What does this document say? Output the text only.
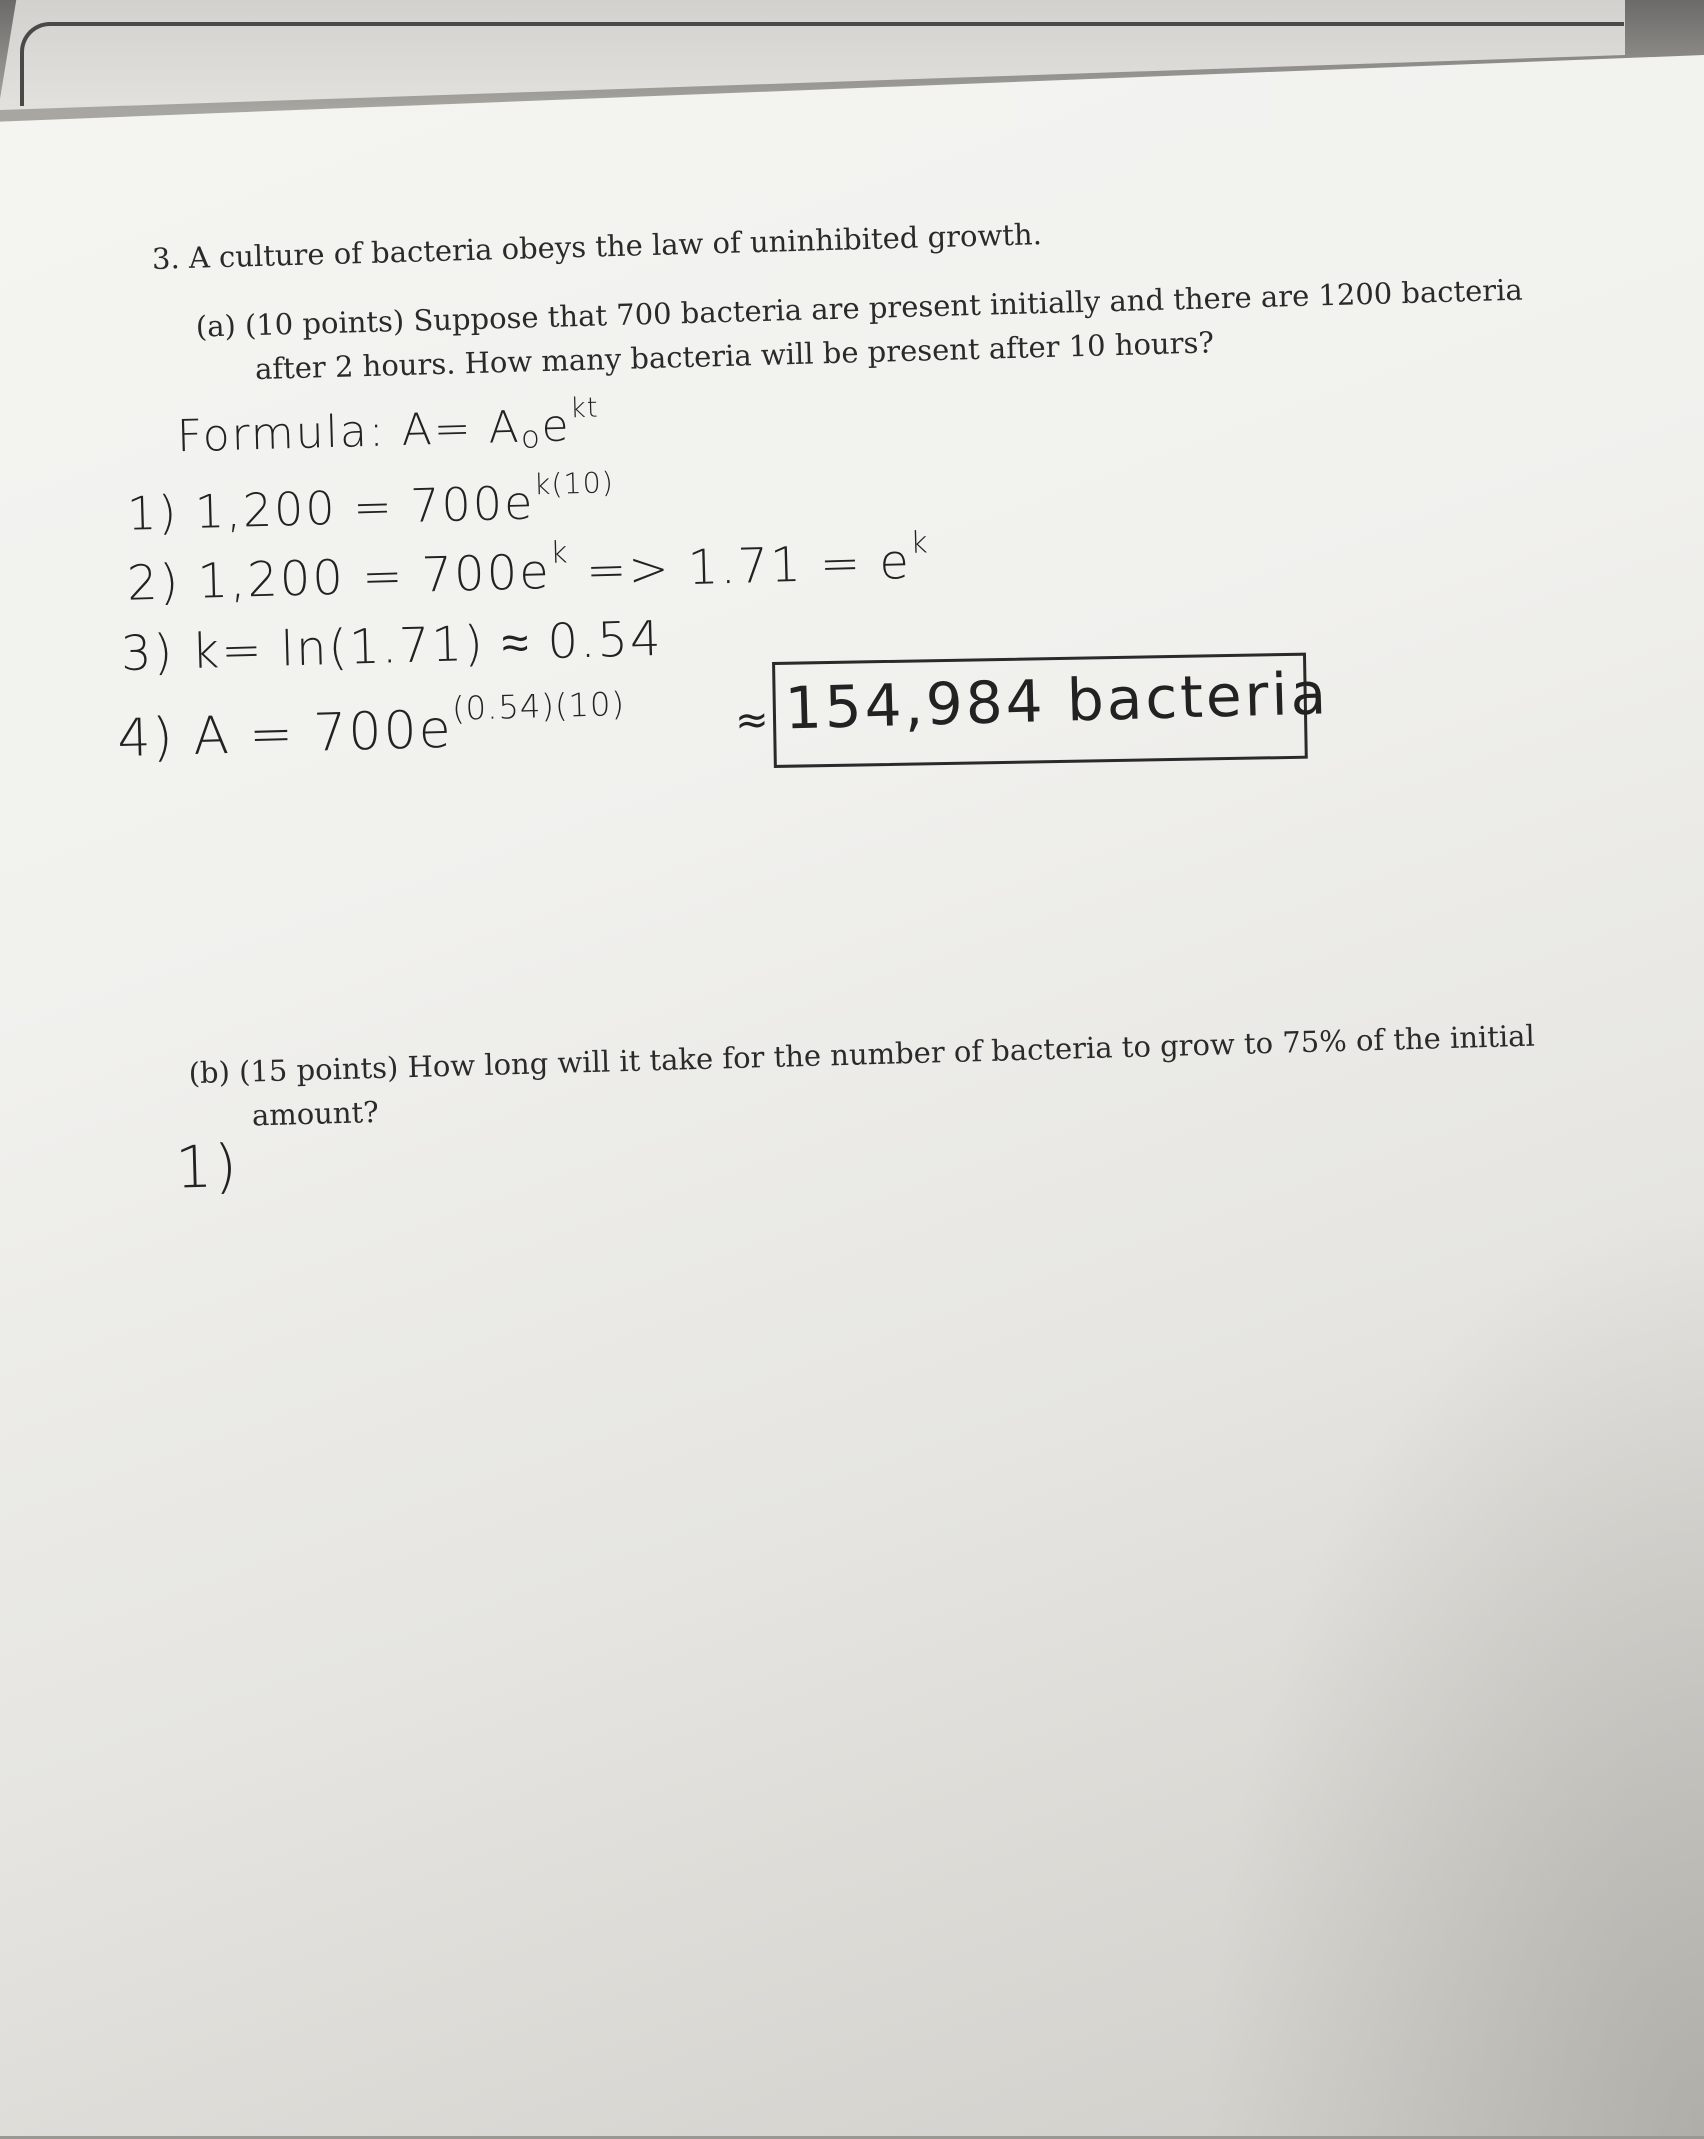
3. A culture of bacteria obeys the law of uninhibited growth.
(a) (10 points) Suppose that 700 bacteria are present initially and there are 1200 bacteria
after 2 hours. How many bacteria will be present after 10 hours?
Formula: A= Aoe$^{kt}$
1) $1,200 = 700e^{k(10)}$
2) $1,200 = 700e^k => 1.71 = e^k$
3) k= ln(1.71) ≈ 0.54
4) $A = 700e^{(0.54)(10)}$	≈ 154,984 bacteria
(b) (15 points) How long will it take for the number of bacteria to grow to 75% of the initial
amount?
1)
